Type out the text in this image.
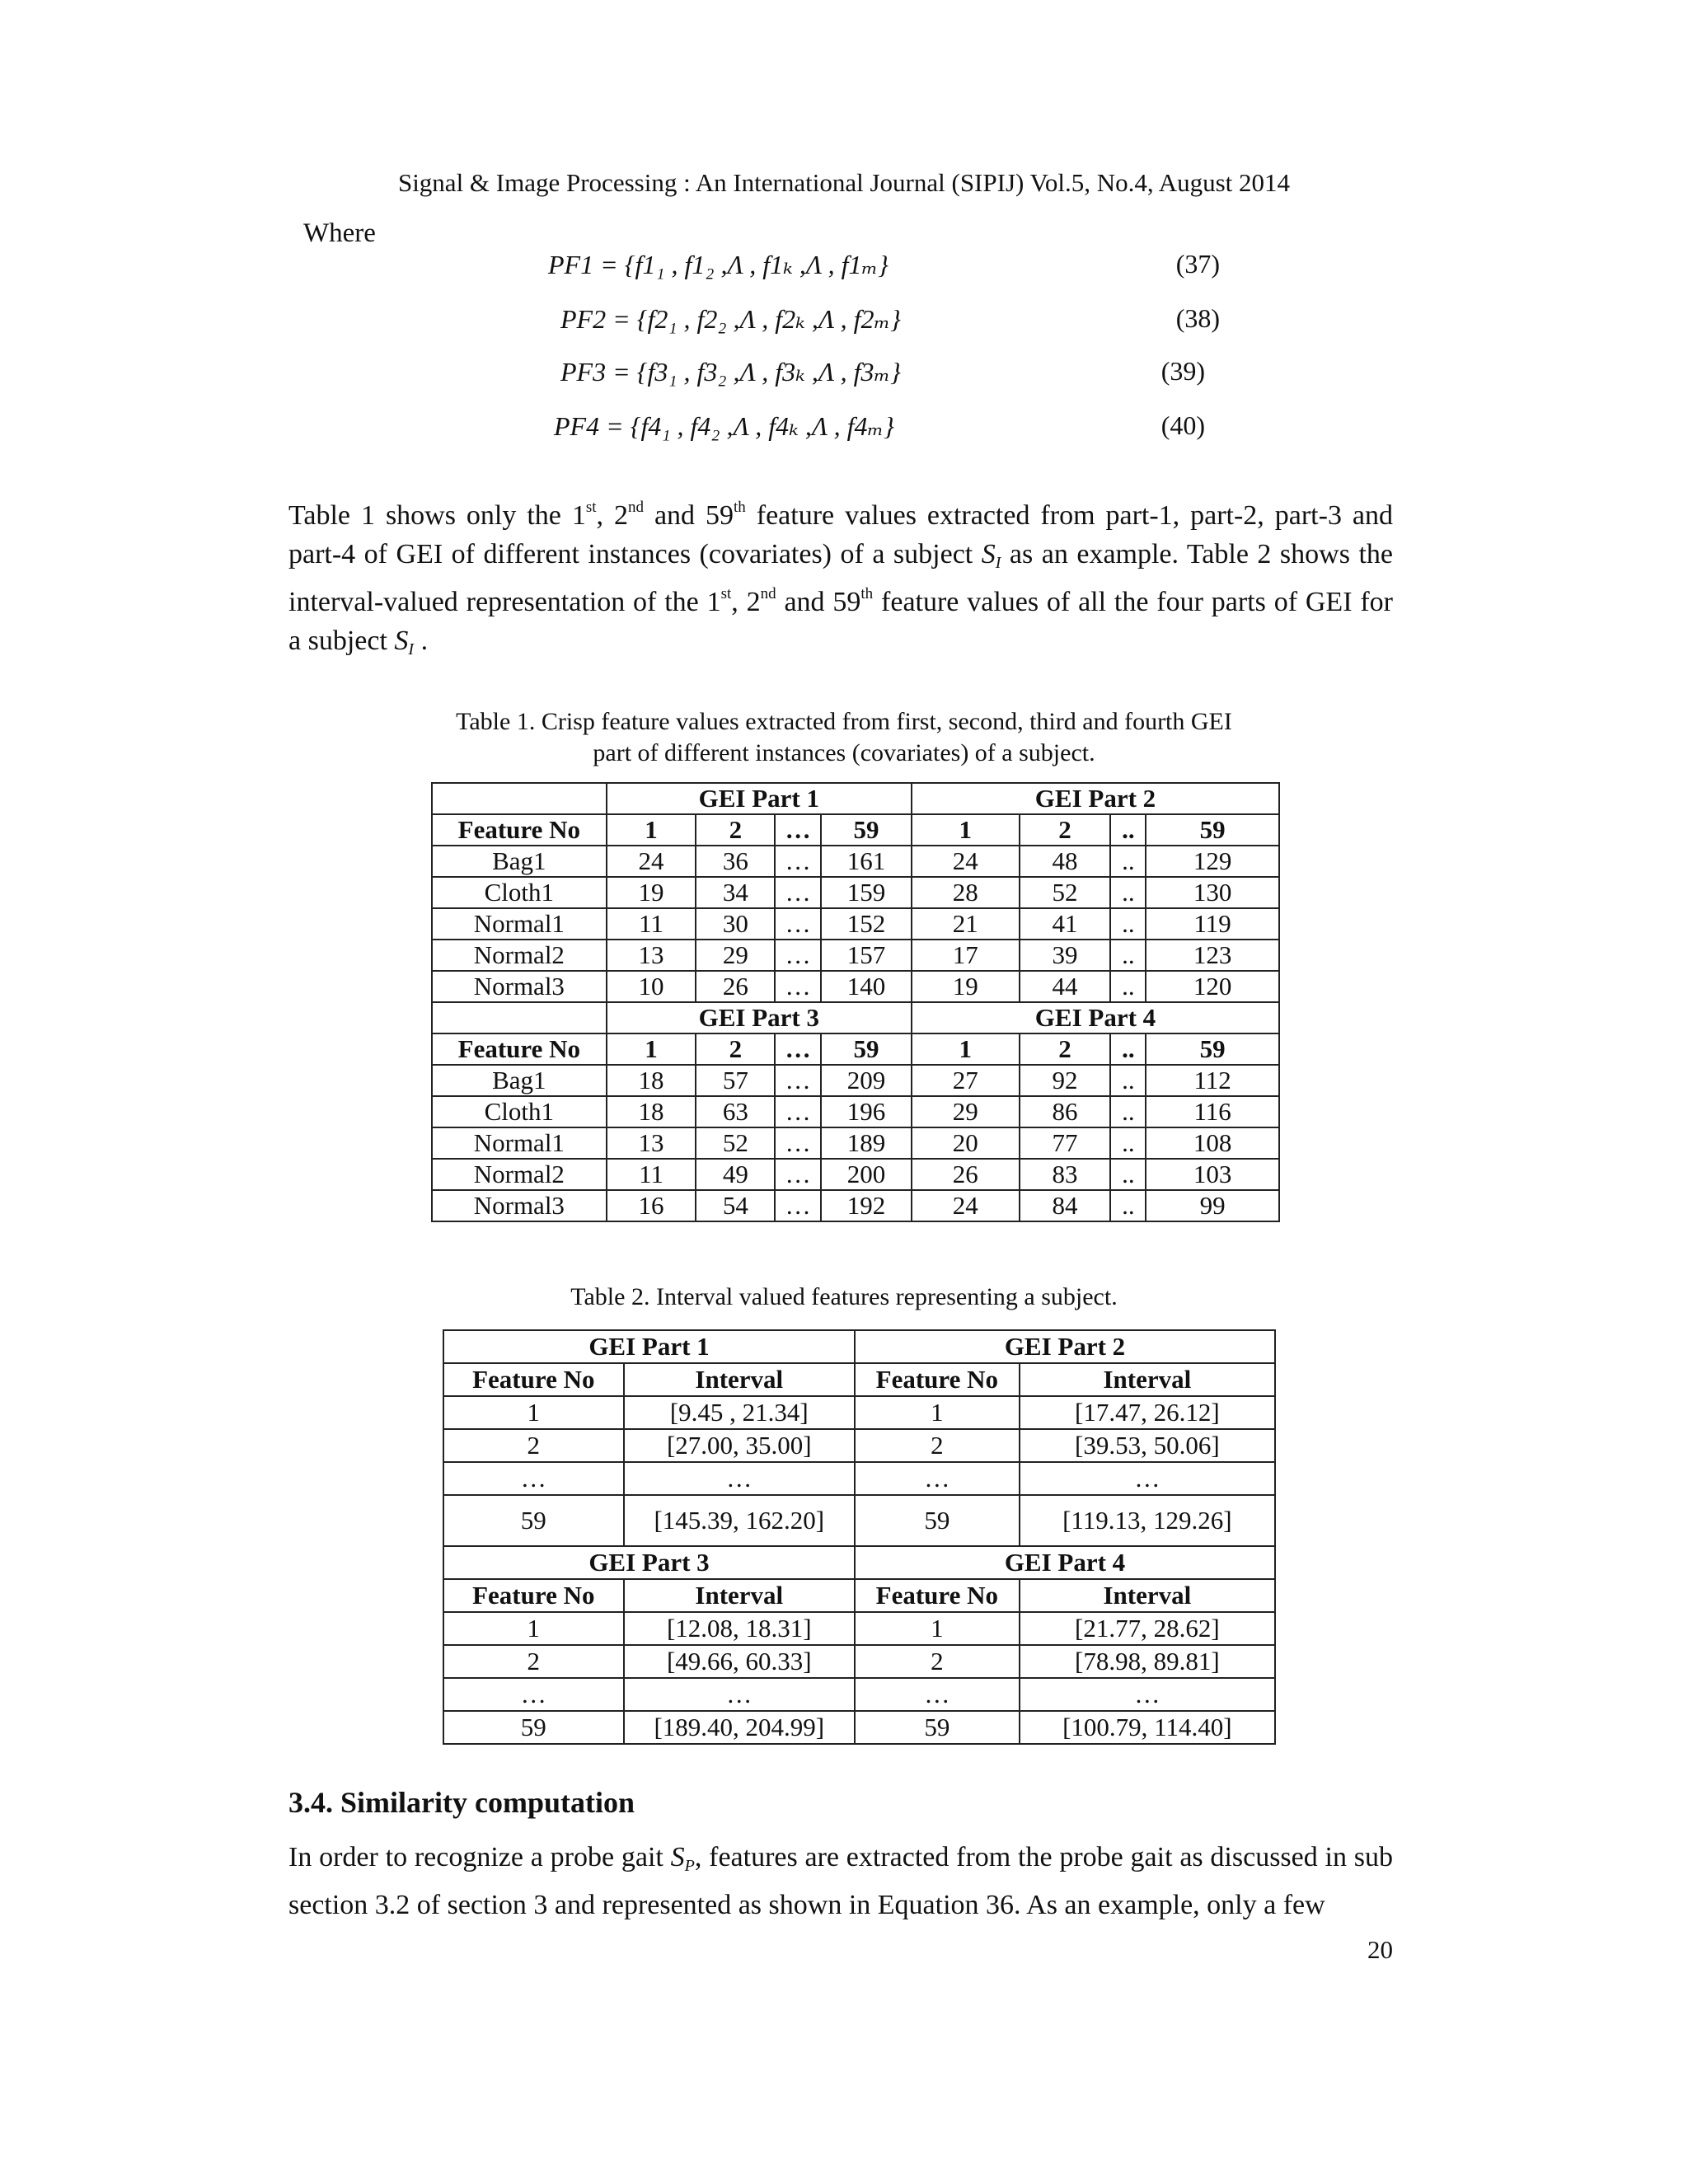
Signal & Image Processing : An International Journal (SIPIJ) Vol.5, No.4, August 2014
Where
PF1 = {f1₁ , f1₂ ,Λ , f1ₖ ,Λ , f1ₘ}	(37)
PF2 = {f2₁ , f2₂ ,Λ , f2ₖ ,Λ , f2ₘ}	(38)
PF3 = {f3₁ , f3₂ ,Λ , f3ₖ ,Λ , f3ₘ}	(39)
PF4 = {f4₁ , f4₂ ,Λ , f4ₖ ,Λ , f4ₘ}	(40)
Table 1 shows only the 1st, 2nd and 59th feature values extracted from part-1, part-2, part-3 and part-4 of GEI of different instances (covariates) of a subject $S_I$ as an example. Table 2 shows the interval-valued representation of the 1st, 2nd and 59th feature values of all the four parts of GEI for a subject $S_I$ .
Table 1. Crisp feature values extracted from first, second, third and fourth GEI
part of different instances (covariates) of a subject.
	GEI Part 1				GEI Part 2			
Feature No	1	2	…	59	1	2	..	59
Bag1	24	36	…	161	24	48	..	129
Cloth1	19	34	…	159	28	52	..	130
Normal1	11	30	…	152	21	41	..	119
Normal2	13	29	…	157	17	39	..	123
Normal3	10	26	…	140	19	44	..	120
	GEI Part 3				GEI Part 4			
Feature No	1	2	…	59	1	2	..	59
Bag1	18	57	…	209	27	92	..	112
Cloth1	18	63	…	196	29	86	..	116
Normal1	13	52	…	189	20	77	..	108
Normal2	11	49	…	200	26	83	..	103
Normal3	16	54	…	192	24	84	..	99
Table 2. Interval valued features representing a subject.
GEI Part 1		GEI Part 2	
Feature No	Interval	Feature No	Interval
1	[9.45 , 21.34]	1	[17.47, 26.12]
2	[27.00, 35.00]	2	[39.53, 50.06]
…	…	…	…
59	[145.39, 162.20]	59	[119.13, 129.26]
GEI Part 3		GEI Part 4	
Feature No	Interval	Feature No	Interval
1	[12.08, 18.31]	1	[21.77, 28.62]
2	[49.66, 60.33]	2	[78.98, 89.81]
…	…	…	…
59	[189.40, 204.99]	59	[100.79, 114.40]
3.4. Similarity computation
In order to recognize a probe gait $S_P$, features are extracted from the probe gait as discussed in sub section 3.2 of section 3 and represented as shown in Equation 36. As an example, only a few
20
